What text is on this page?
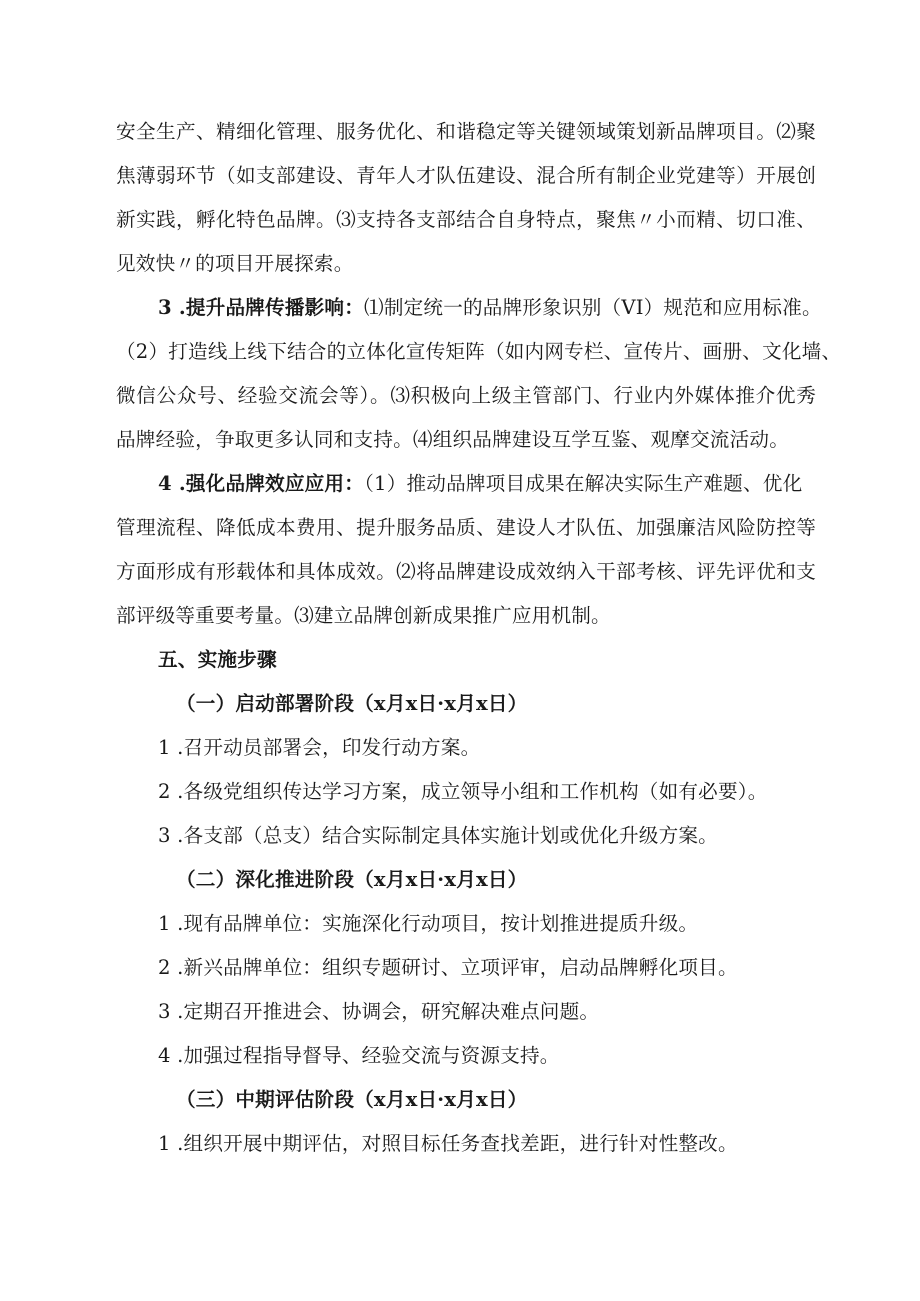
安全生产、精细化管理、服务优化、和谐稳定等关键领域策划新品牌项目。⑵聚

焦薄弱环节（如支部建设、青年人才队伍建设、混合所有制企业党建等）开展创

新实践，孵化特色品牌。⑶支持各支部结合自身特点，聚焦〃小而精、切口准、

见效快〃的项目开展探索。

3 .提升品牌传播影响：⑴制定统一的品牌形象识别（VI）规范和应用标准。

（2）打造线上线下结合的立体化宣传矩阵（如内网专栏、宣传片、画册、文化墙、

微信公众号、经验交流会等）。⑶积极向上级主管部门、行业内外媒体推介优秀

品牌经验，争取更多认同和支持。⑷组织品牌建设互学互鉴、观摩交流活动。

4 .强化品牌效应应用：（1）推动品牌项目成果在解决实际生产难题、优化

管理流程、降低成本费用、提升服务品质、建设人才队伍、加强廉洁风险防控等

方面形成有形载体和具体成效。⑵将品牌建设成效纳入干部考核、评先评优和支

部评级等重要考量。⑶建立品牌创新成果推广应用机制。

五、实施步骤

（一）启动部署阶段（x月x日·x月x日）

1 .召开动员部署会，印发行动方案。

2 .各级党组织传达学习方案，成立领导小组和工作机构（如有必要）。

3 .各支部（总支）结合实际制定具体实施计划或优化升级方案。

（二）深化推进阶段（x月x日·x月x日）

1 .现有品牌单位：实施深化行动项目，按计划推进提质升级。

2 .新兴品牌单位：组织专题研讨、立项评审，启动品牌孵化项目。

3 .定期召开推进会、协调会，研究解决难点问题。

4 .加强过程指导督导、经验交流与资源支持。

（三）中期评估阶段（x月x日·x月x日）

1 .组织开展中期评估，对照目标任务查找差距，进行针对性整改。
